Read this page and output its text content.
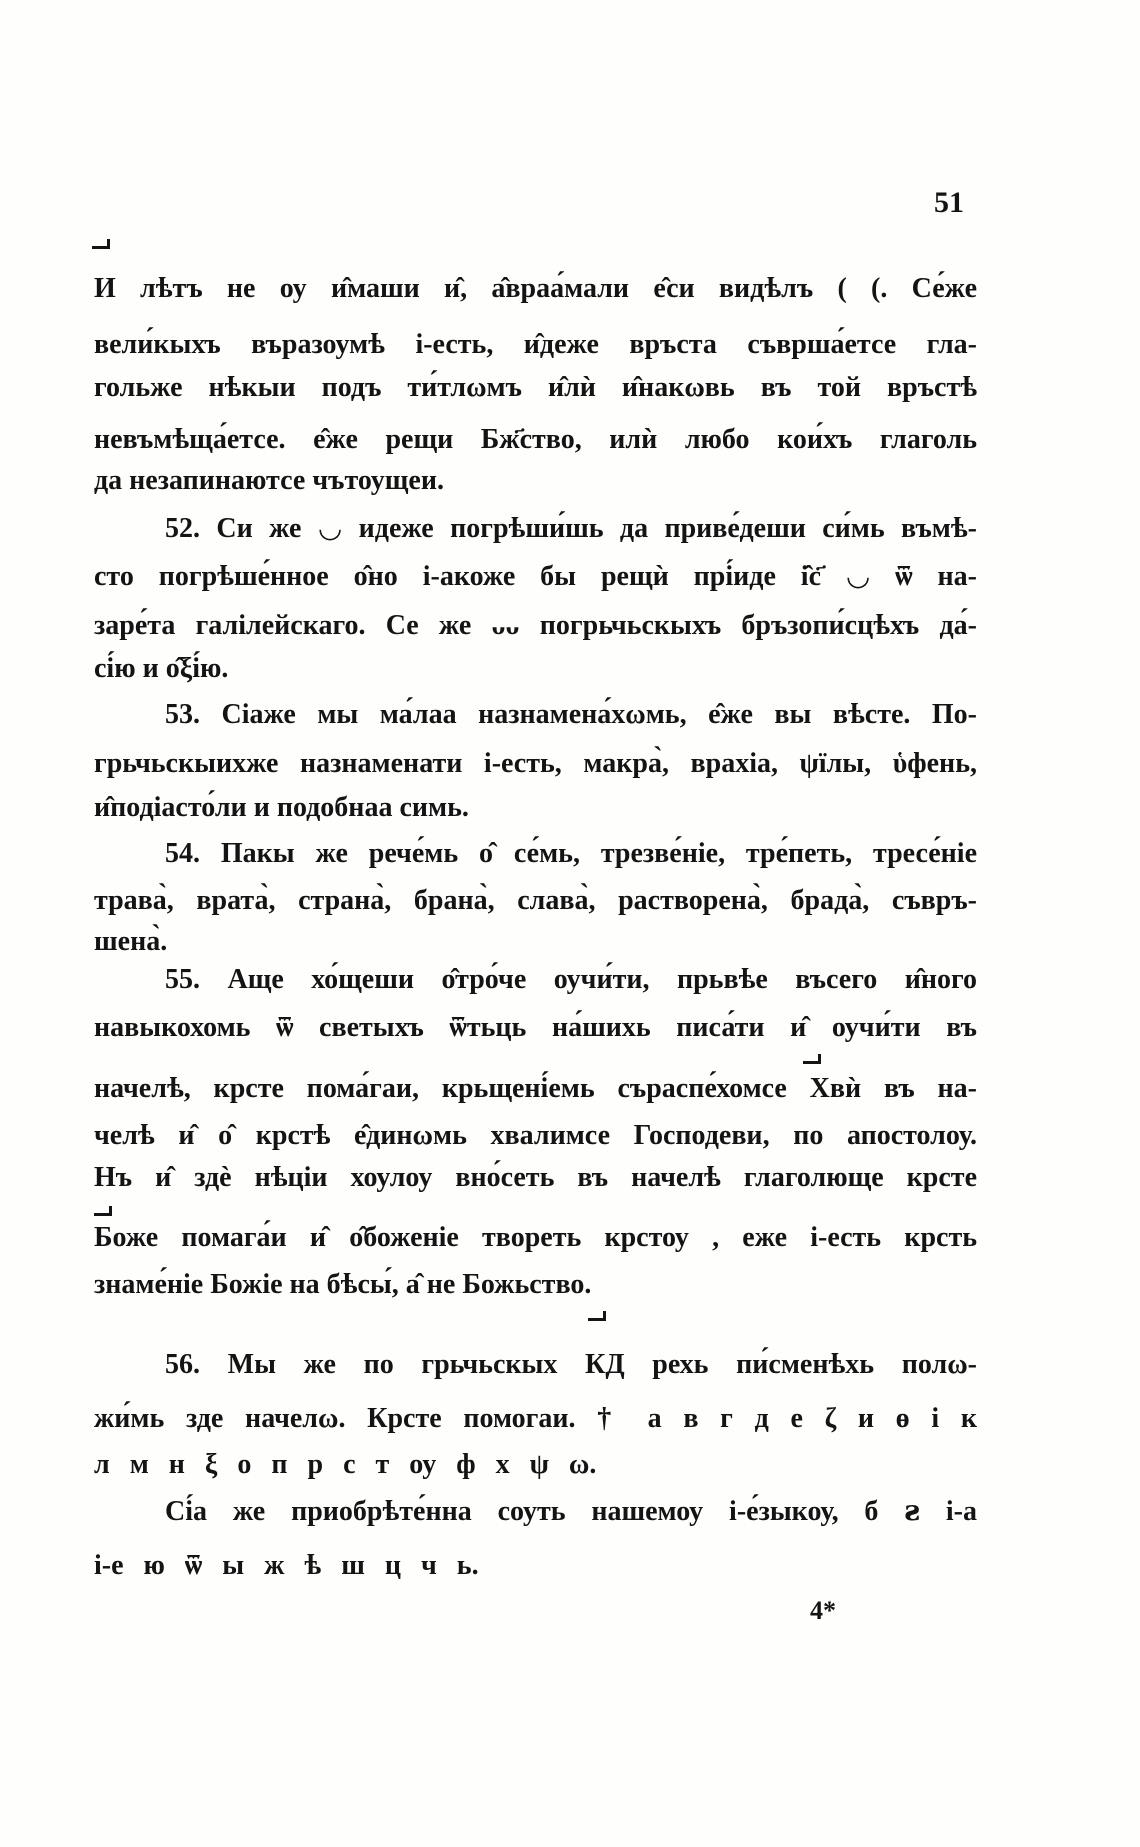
51
И лѣтъ не оу и̂маши и̂, а̂враа́мали е̂си видѣлъ ( (. Се́же
вели́кыхъ въразоумѣ і-есть, и̂деже връста съврша́етсе гла-
гольже нѣкыи подъ ти́тлωмъ и̂лѝ и̂накωвь въ той връстѣ
невъмѣща́етсе. е̂же рещи Бж҃ство, илѝ любо кои́хъ глаголь
да незапинаютсе чътоущеи.
52. Си же ◡ идеже погрѣши́шь да приве́деши си́мь въмѣ-
сто погрѣше́нное о̂но і-акоже бы рещѝ прі́иде і̂с҃ ◡ ѿ на-
заре́та галілейскаго. Се же ᴗᴗ погрьчьскыхъ бръзопи́сцѣхъ да́-
сі́ю и о̂ξі́ю.
53. Сіаже мы ма́лаа назнамена́хωмь, е̂же вы вѣсте. По-
грьчьскыихже назнаменати і-есть, макра̀, врахіа, ψїлы, ὑфень,
и̂подіасто́ли и подобнаа симь.
54. Пакы же рече́мь о̂ се́мь, трезве́ніе, тре́петь, тресе́ніе
трава̀, врата̀, страна̀, брана̀, слава̀, растворена̀, брада̀, съвръ-
шена̀.
55. Аще хо́щеши о̂тро́че оучи́ти, прьвѣе въсего и̂ного
навыкохомь ѿ светыхъ ѿтьць на́шихь писа́ти и̂ оучи́ти въ
начелѣ, крсте пома́гаи, крьщені́емь съраспе́хомсе Хвѝ въ на-
челѣ и̂ о̂ крстѣ е̂динωмь хвалимсе Господеви, по апостолоу.
Нъ и̂ здѐ нѣціи хоулоу вно́сеть въ начелѣ глаголюще крсте
Боже помага́и и̂ о̂боженіе твореть крстоу , еже і-есть крсть
знаме́ніе Божіе на бѣсы́, а̂ не Божьство.
56. Мы же по грьчьскых КД рехь пи́сменѣхь полω-
жи́мь зде начелω. Крсте помогаи. † а в г д е ζ и ө і к
л м н ξ о п р с т оу ф х ψ ω.
Сі́а же приобрѣте́нна соуть нашемоу і-е́зыкоу, б ꙅ і-а
і-е ю ѿ ы ж ѣ ш ц ч ь.
4*
